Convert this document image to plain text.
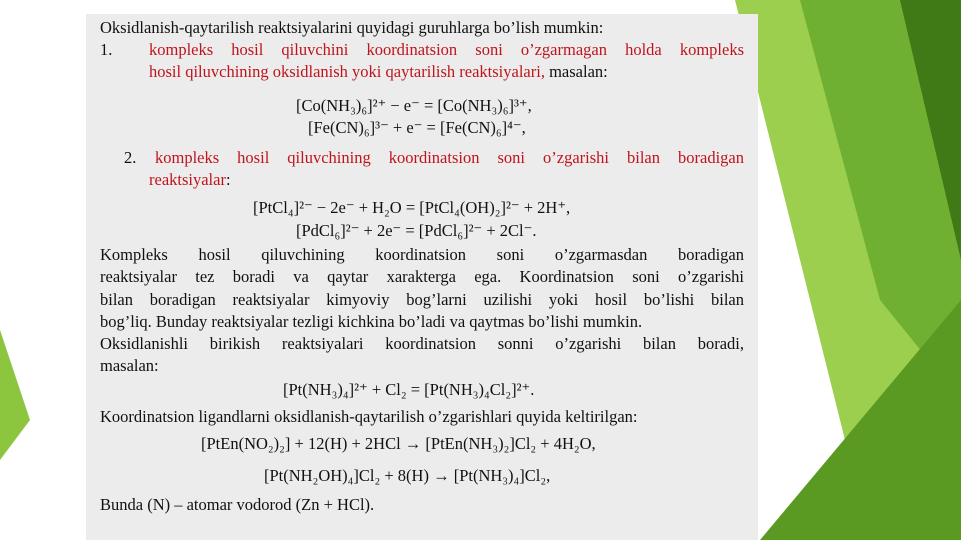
Oksidlanish-qaytarilish reaktsiyalarini quyidagi guruhlarga bo’lish mumkin:

1. kompleks hosil qiluvchini koordinatsion soni o’zgarmagan holda kompleks

hosil qiluvchining oksidlanish yoki qaytarilish reaktsiyalari, masalan:

[Co(NH₃)₆]²⁺ − e⁻ = [Co(NH₃)₆]³⁺,
[Fe(CN)₆]³⁻ + e⁻ = [Fe(CN)₆]⁴⁻,

2. kompleks hosil qiluvchining koordinatsion soni o’zgarishi bilan boradigan

reaktsiyalar:

[PtCl₄]²⁻ − 2e⁻ + H₂O = [PtCl₄(OH)₂]²⁻ + 2H⁺,
[PdCl₆]²⁻ + 2e⁻ = [PdCl₆]²⁻ + 2Cl⁻.

Kompleks hosil qiluvchining koordinatsion soni o’zgarmasdan boradigan

reaktsiyalar tez boradi va qaytar xarakterga ega. Koordinatsion soni o’zgarishi

bilan boradigan reaktsiyalar kimyoviy bog’larni uzilishi yoki hosil bo’lishi bilan

bog’liq. Bunday reaktsiyalar tezligi kichkina bo’ladi va qaytmas bo’lishi mumkin.

Oksidlanishli birikish reaktsiyalari koordinatsion sonni o’zgarishi bilan boradi,

masalan:

[Pt(NH₃)₄]²⁺ + Cl₂ = [Pt(NH₃)₄Cl₂]²⁺.

Koordinatsion ligandlarni oksidlanish-qaytarilish o’zgarishlari quyida keltirilgan:

[PtEn(NO₂)₂] + 12(H) + 2HCl → [PtEn(NH₃)₂]Cl₂ + 4H₂O,
[Pt(NH₂OH)₄]Cl₂ + 8(H) → [Pt(NH₃)₄]Cl₂,

Bunda (N) – atomar vodorod (Zn + HCl).
